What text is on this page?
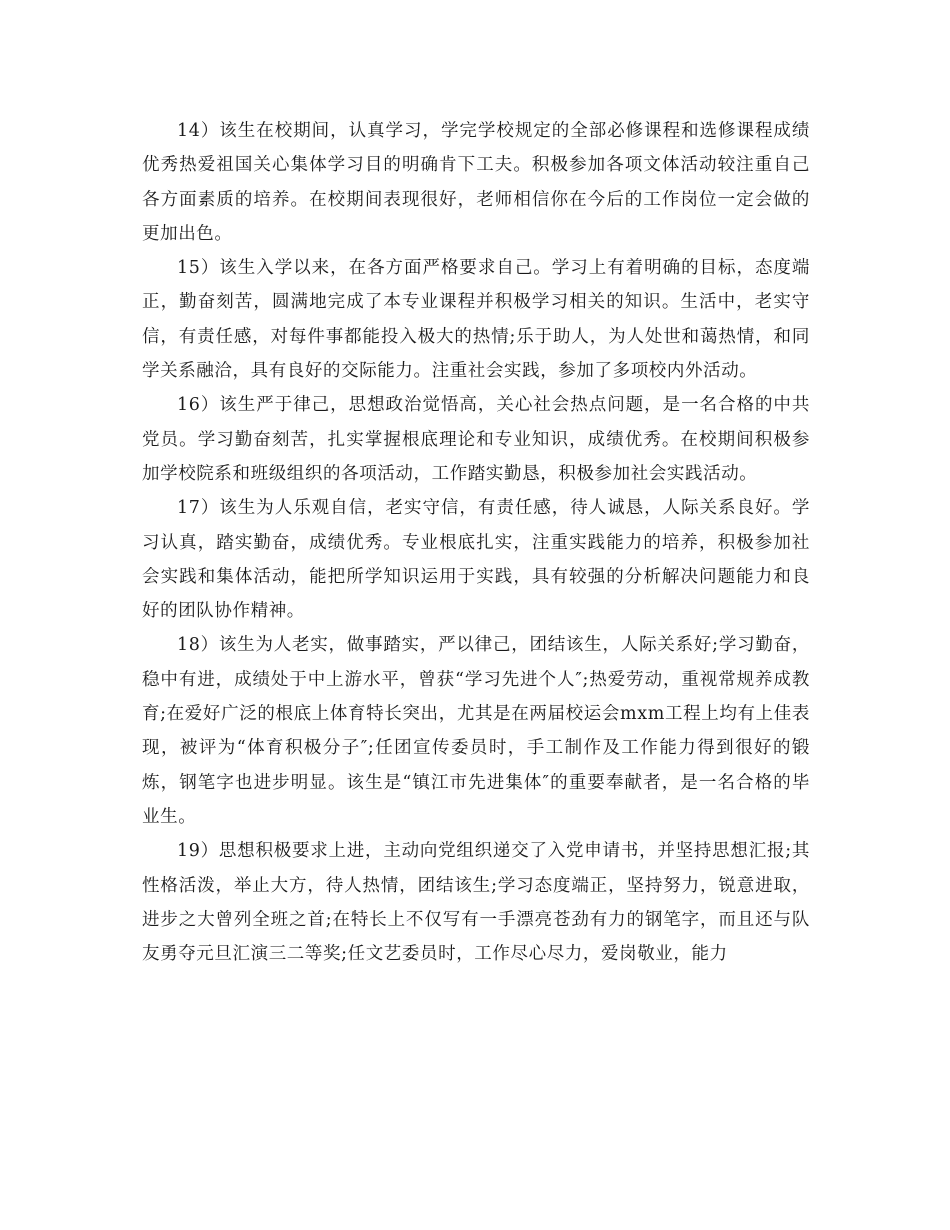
14）该生在校期间，认真学习，学完学校规定的全部必修课程和选修课程成绩优秀热爱祖国关心集体学习目的明确肯下工夫。积极参加各项文体活动较注重自己各方面素质的培养。在校期间表现很好，老师相信你在今后的工作岗位一定会做的更加出色。

15）该生入学以来，在各方面严格要求自己。学习上有着明确的目标，态度端正，勤奋刻苦，圆满地完成了本专业课程并积极学习相关的知识。生活中，老实守信，有责任感，对每件事都能投入极大的热情;乐于助人，为人处世和蔼热情，和同学关系融洽，具有良好的交际能力。注重社会实践，参加了多项校内外活动。

16）该生严于律己，思想政治觉悟高，关心社会热点问题，是一名合格的中共党员。学习勤奋刻苦，扎实掌握根底理论和专业知识，成绩优秀。在校期间积极参加学校院系和班级组织的各项活动，工作踏实勤恳，积极参加社会实践活动。

17）该生为人乐观自信，老实守信，有责任感，待人诚恳，人际关系良好。学习认真，踏实勤奋，成绩优秀。专业根底扎实，注重实践能力的培养，积极参加社会实践和集体活动，能把所学知识运用于实践，具有较强的分析解决问题能力和良好的团队协作精神。

18）该生为人老实，做事踏实，严以律己，团结该生，人际关系好;学习勤奋，稳中有进，成绩处于中上游水平，曾获“学习先进个人″;热爱劳动，重视常规养成教育;在爱好广泛的根底上体育特长突出，尤其是在两届校运会mxm工程上均有上佳表现，被评为“体育积极分子″;任团宣传委员时，手工制作及工作能力得到很好的锻炼，钢笔字也进步明显。该生是“镇江市先进集体″的重要奉献者，是一名合格的毕业生。

19）思想积极要求上进，主动向党组织递交了入党申请书，并坚持思想汇报;其性格活泼，举止大方，待人热情，团结该生;学习态度端正，坚持努力，锐意进取，进步之大曾列全班之首;在特长上不仅写有一手漂亮苍劲有力的钢笔字，而且还与队友勇夺元旦汇演三二等奖;任文艺委员时，工作尽心尽力，爱岗敬业，能力
